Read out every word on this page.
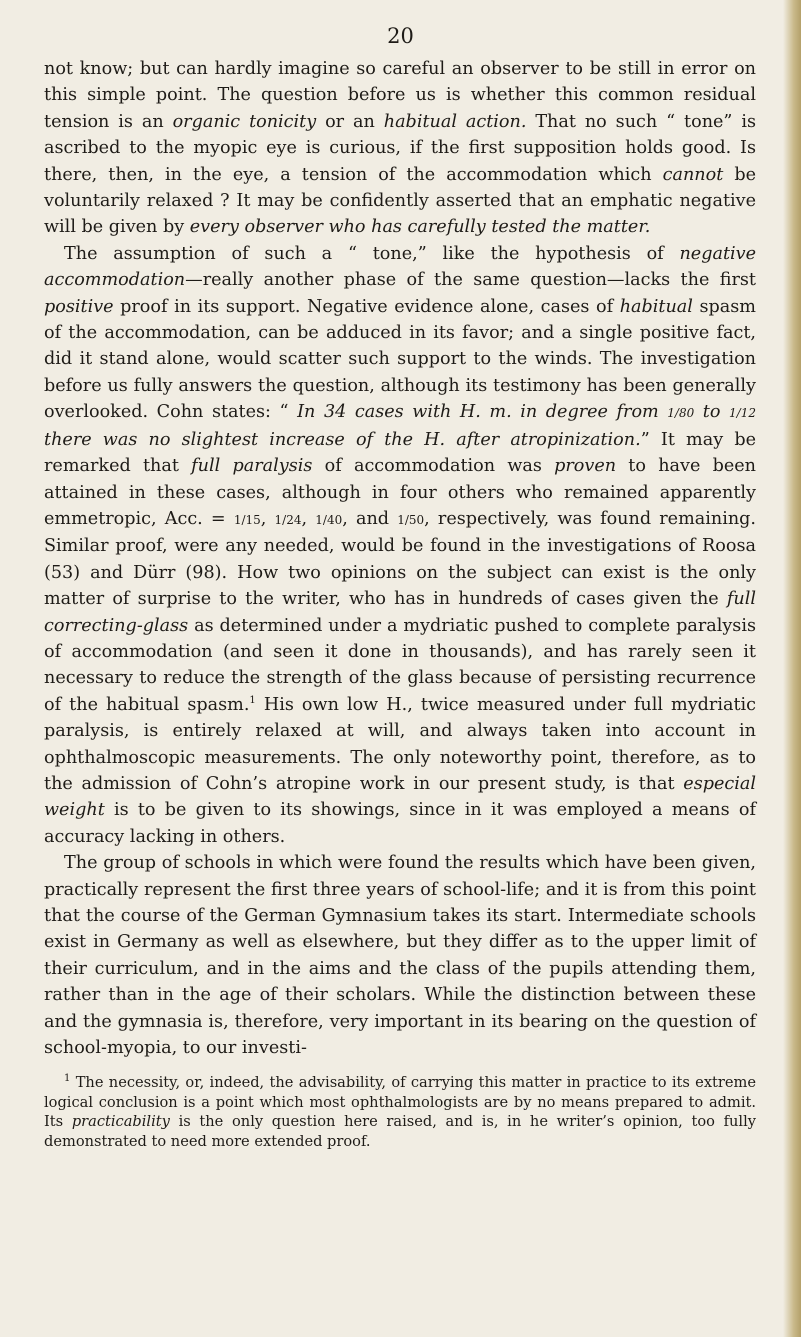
20

not know; but can hardly imagine so careful an observer to be still in error on this simple point. The question before us is whether this common residual tension is an organic tonicity or an habitual action. That no such “ tone” is ascribed to the myopic eye is curious, if the first supposition holds good. Is there, then, in the eye, a tension of the accommodation which cannot be voluntarily relaxed ? It may be confidently asserted that an emphatic negative will be given by every observer who has carefully tested the matter.

The assumption of such a “ tone,” like the hypothesis of negative accommodation—really another phase of the same question—lacks the first positive proof in its support. Negative evidence alone, cases of habitual spasm of the accommodation, can be adduced in its favor; and a single positive fact, did it stand alone, would scatter such support to the winds. The investigation before us fully answers the question, although its testimony has been generally overlooked. Cohn states: “ In 34 cases with H. m. in degree from 1/80 to 1/12 there was no slightest increase of the H. after atropinization.” It may be remarked that full paralysis of accommodation was proven to have been attained in these cases, although in four others who remained apparently emmetropic, Acc. = 1/15, 1/24, 1/40, and 1/50, respectively, was found remaining. Similar proof, were any needed, would be found in the investigations of Roosa (53) and Dürr (98). How two opinions on the subject can exist is the only matter of surprise to the writer, who has in hundreds of cases given the full correcting-glass as determined under a mydriatic pushed to complete paralysis of accommodation (and seen it done in thousands), and has rarely seen it necessary to reduce the strength of the glass because of persisting recurrence of the habitual spasm.$^1$ His own low H., twice measured under full mydriatic paralysis, is entirely relaxed at will, and always taken into account in ophthalmoscopic measurements. The only noteworthy point, therefore, as to the admission of Cohn’s atropine work in our present study, is that especial weight is to be given to its showings, since in it was employed a means of accuracy lacking in others.

The group of schools in which were found the results which have been given, practically represent the first three years of school-life; and it is from this point that the course of the German Gymnasium takes its start. Intermediate schools exist in Germany as well as elsewhere, but they differ as to the upper limit of their curriculum, and in the aims and the class of the pupils attending them, rather than in the age of their scholars. While the distinction between these and the gymnasia is, therefore, very important in its bearing on the question of school-myopia, to our investi-

$^1$ The necessity, or, indeed, the advisability, of carrying this matter in practice to its extreme logical conclusion is a point which most ophthalmologists are by no means prepared to admit. Its practicability is the only question here raised, and is, in he writer’s opinion, too fully demonstrated to need more extended proof.
